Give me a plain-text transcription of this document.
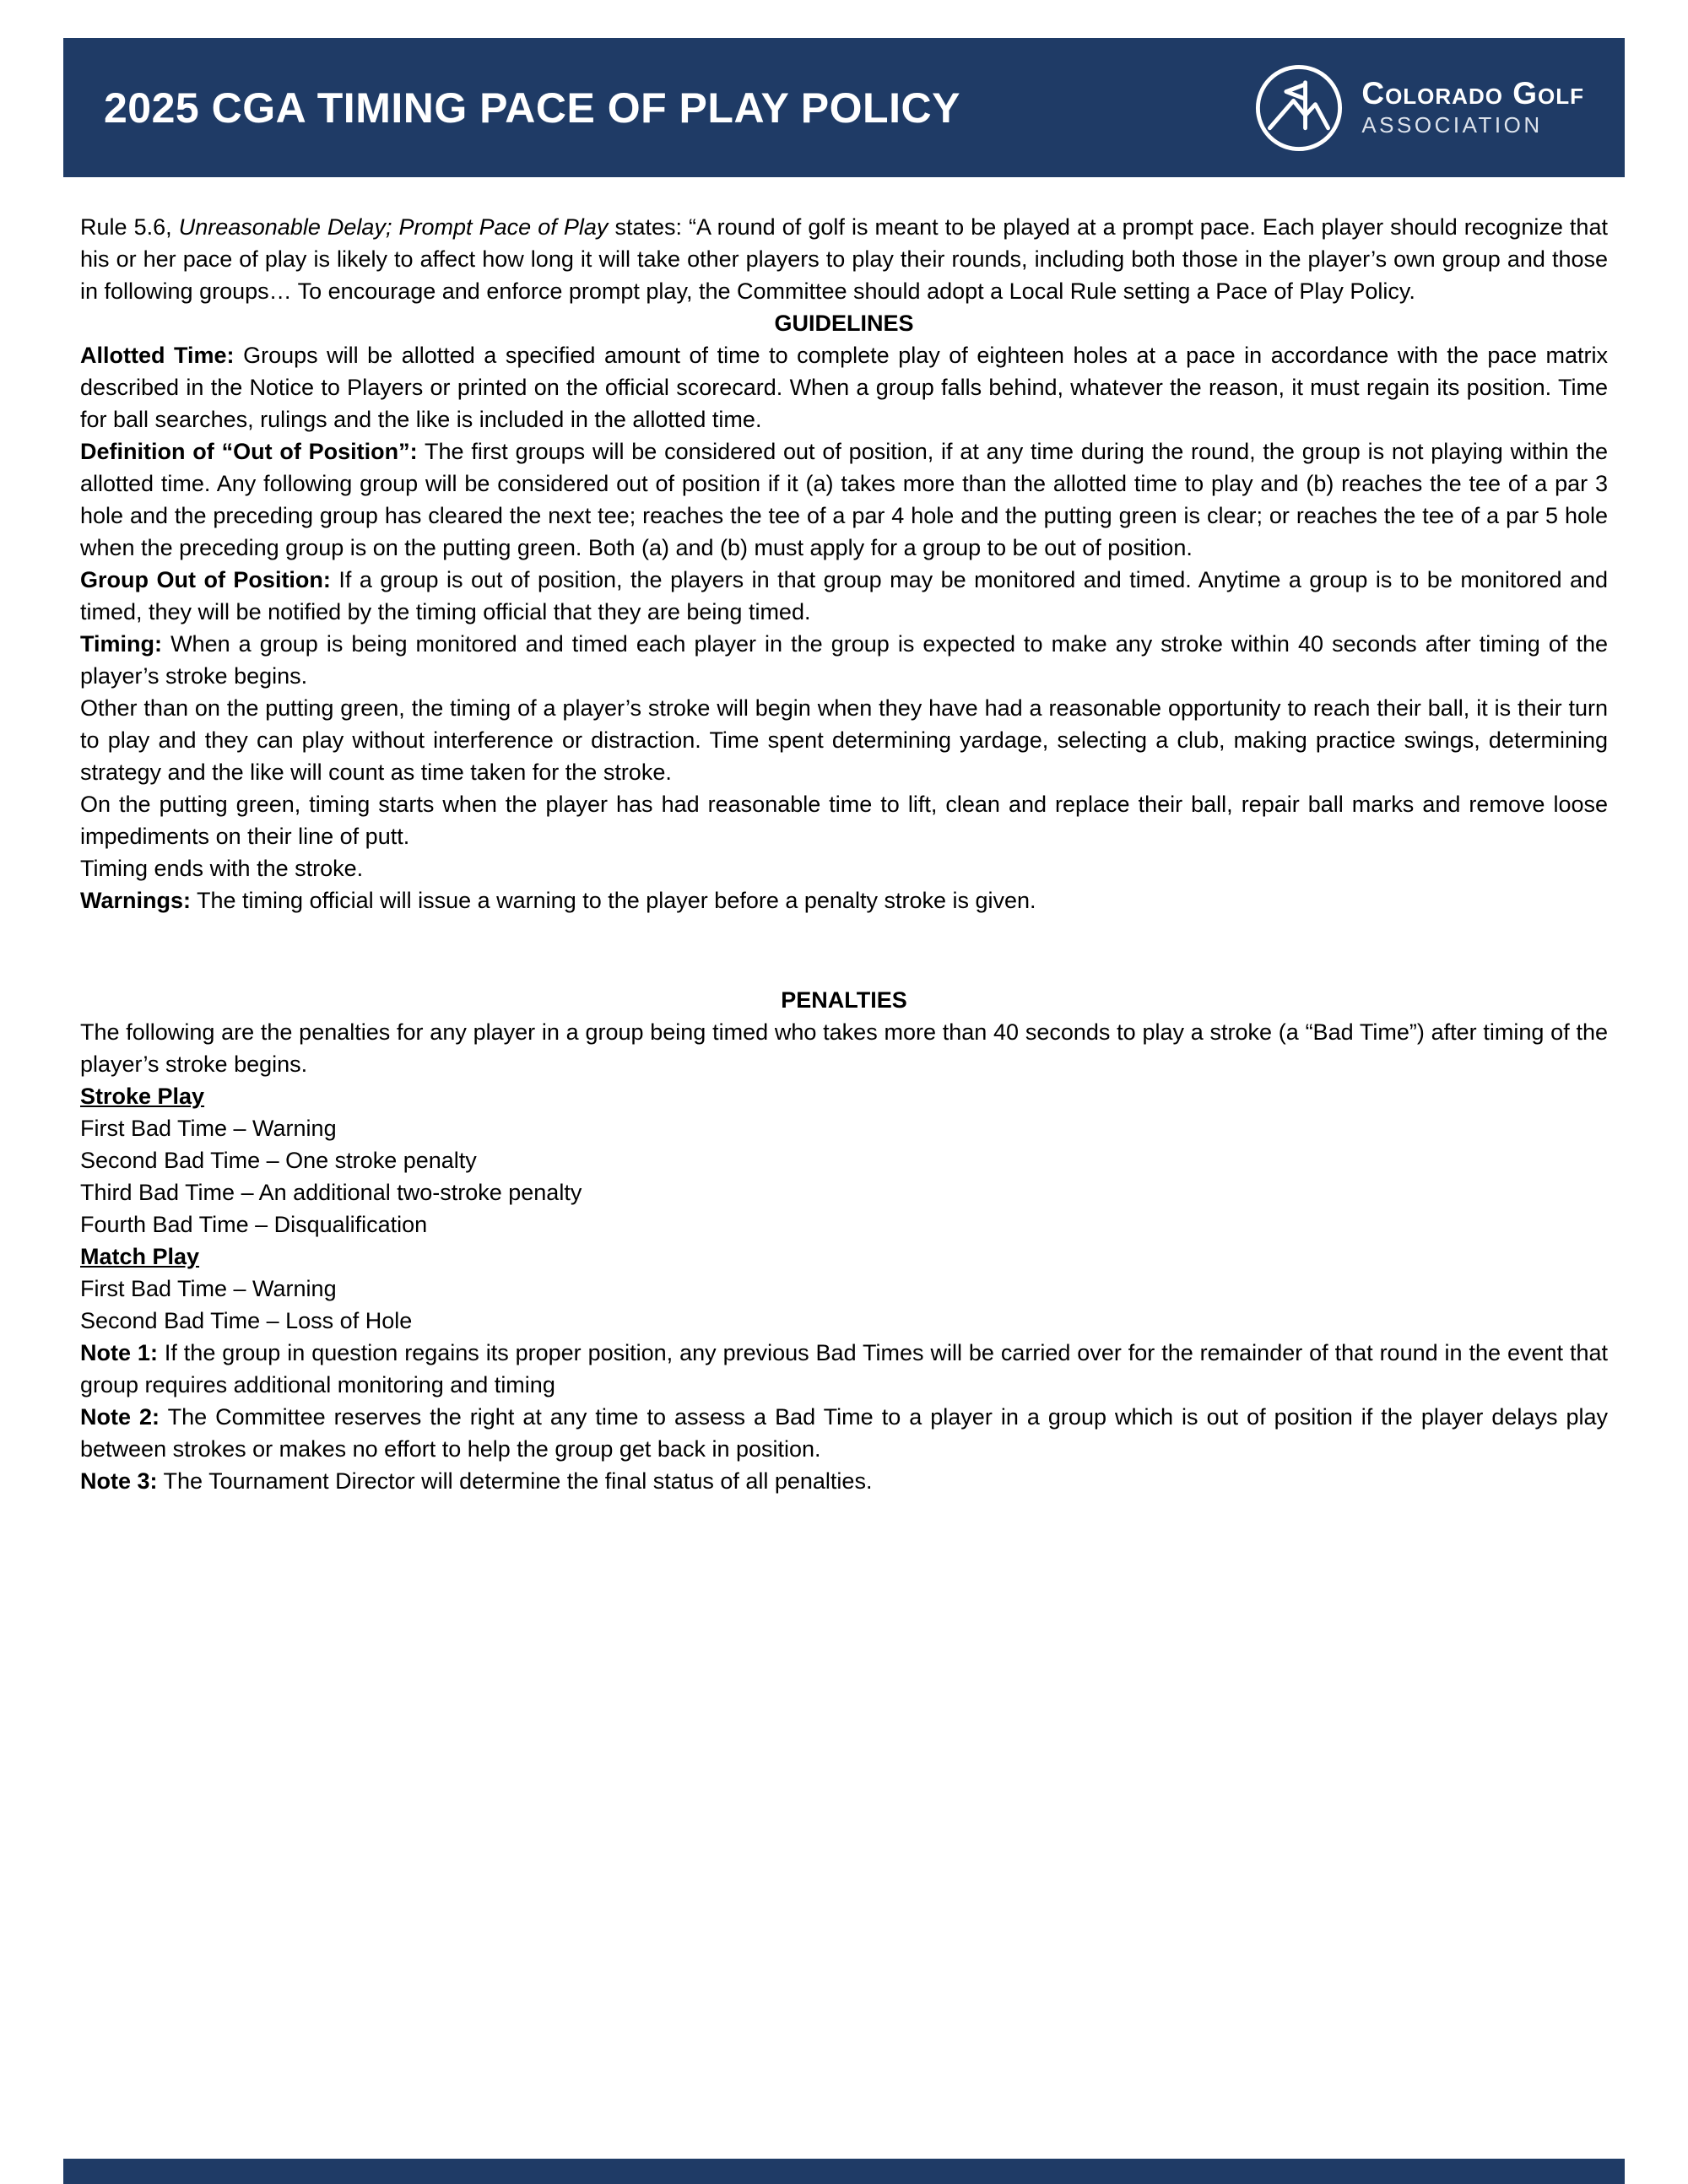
2025 CGA TIMING PACE OF PLAY POLICY	Colorado Golf
ASSOCIATION

Rule 5.6, Unreasonable Delay; Prompt Pace of Play states: “A round of golf is meant to be played at a prompt pace. Each player should recognize that his or her pace of play is likely to affect how long it will take other players to play their rounds, including both those in the player’s own group and those in following groups… To encourage and enforce prompt play, the Committee should adopt a Local Rule setting a Pace of Play Policy.

GUIDELINES

Allotted Time: Groups will be allotted a specified amount of time to complete play of eighteen holes at a pace in accordance with the pace matrix described in the Notice to Players or printed on the official scorecard. When a group falls behind, whatever the reason, it must regain its position. Time for ball searches, rulings and the like is included in the allotted time.

Definition of “Out of Position”: The first groups will be considered out of position, if at any time during the round, the group is not playing within the allotted time. Any following group will be considered out of position if it (a) takes more than the allotted time to play and (b) reaches the tee of a par 3 hole and the preceding group has cleared the next tee; reaches the tee of a par 4 hole and the putting green is clear; or reaches the tee of a par 5 hole when the preceding group is on the putting green. Both (a) and (b) must apply for a group to be out of position.

Group Out of Position: If a group is out of position, the players in that group may be monitored and timed. Anytime a group is to be monitored and timed, they will be notified by the timing official that they are being timed.

Timing: When a group is being monitored and timed each player in the group is expected to make any stroke within 40 seconds after timing of the player’s stroke begins.

Other than on the putting green, the timing of a player’s stroke will begin when they have had a reasonable opportunity to reach their ball, it is their turn to play and they can play without interference or distraction. Time spent determining yardage, selecting a club, making practice swings, determining strategy and the like will count as time taken for the stroke.

On the putting green, timing starts when the player has had reasonable time to lift, clean and replace their ball, repair ball marks and remove loose impediments on their line of putt.

Timing ends with the stroke.

Warnings: The timing official will issue a warning to the player before a penalty stroke is given.

PENALTIES

The following are the penalties for any player in a group being timed who takes more than 40 seconds to play a stroke (a “Bad Time”) after timing of the player’s stroke begins.

Stroke Play

First Bad Time – Warning

Second Bad Time – One stroke penalty

Third Bad Time – An additional two-stroke penalty

Fourth Bad Time – Disqualification

Match Play

First Bad Time – Warning

Second Bad Time – Loss of Hole

Note 1: If the group in question regains its proper position, any previous Bad Times will be carried over for the remainder of that round in the event that group requires additional monitoring and timing

Note 2: The Committee reserves the right at any time to assess a Bad Time to a player in a group which is out of position if the player delays play between strokes or makes no effort to help the group get back in position.

Note 3: The Tournament Director will determine the final status of all penalties.
